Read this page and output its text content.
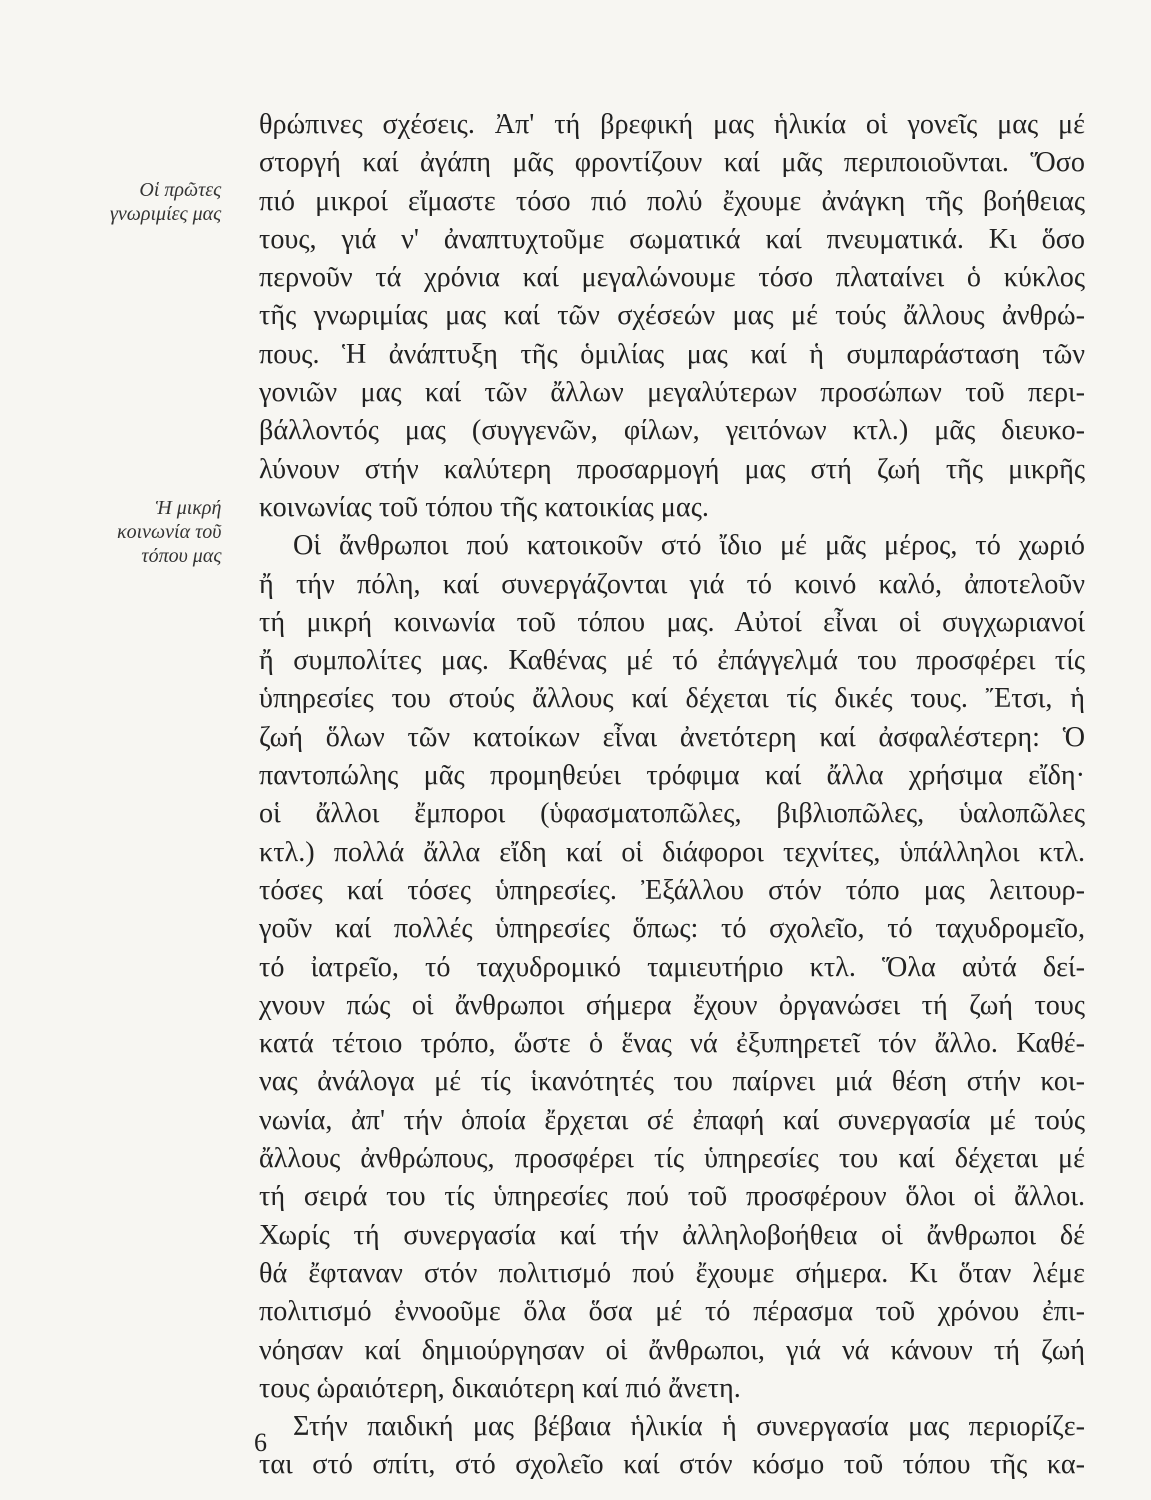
Οἱ πρῶτες
γνωριμίες μας
Ἡ μικρή
κοινωνία τοῦ
τόπου μας
θρώπινες σχέσεις. Ἀπ' τή βρεφική μας ἡλικία οἱ γονεῖς μας μέ
στοργή καί ἀγάπη μᾶς φροντίζουν καί μᾶς περιποιοῦνται. Ὅσο
πιό μικροί εἴμαστε τόσο πιό πολύ ἔχουμε ἀνάγκη τῆς βοήθειας
τους, γιά ν' ἀναπτυχτοῦμε σωματικά καί πνευματικά. Κι ὅσο
περνοῦν τά χρόνια καί μεγαλώνουμε τόσο πλαταίνει ὁ κύκλος
τῆς γνωριμίας μας καί τῶν σχέσεών μας μέ τούς ἄλλους ἀνθρώ-
πους. Ἡ ἀνάπτυξη τῆς ὁμιλίας μας καί ἡ συμπαράσταση τῶν
γονιῶν μας καί τῶν ἄλλων μεγαλύτερων προσώπων τοῦ περι-
βάλλοντός μας (συγγενῶν, φίλων, γειτόνων κτλ.) μᾶς διευκο-
λύνουν στήν καλύτερη προσαρμογή μας στή ζωή τῆς μικρῆς
κοινωνίας τοῦ τόπου τῆς κατοικίας μας.
Οἱ ἄνθρωποι πού κατοικοῦν στό ἴδιο μέ μᾶς μέρος, τό χωριό
ἤ τήν πόλη, καί συνεργάζονται γιά τό κοινό καλό, ἀποτελοῦν
τή μικρή κοινωνία τοῦ τόπου μας. Αὐτοί εἶναι οἱ συγχωριανοί
ἤ συμπολίτες μας. Καθένας μέ τό ἐπάγγελμά του προσφέρει τίς
ὑπηρεσίες του στούς ἄλλους καί δέχεται τίς δικές τους. Ἔτσι, ἡ
ζωή ὅλων τῶν κατοίκων εἶναι ἀνετότερη καί ἀσφαλέστερη: Ὁ
παντοπώλης μᾶς προμηθεύει τρόφιμα καί ἄλλα χρήσιμα εἴδη·
οἱ ἄλλοι ἔμποροι (ὑφασματοπῶλες, βιβλιοπῶλες, ὑαλοπῶλες
κτλ.) πολλά ἄλλα εἴδη καί οἱ διάφοροι τεχνίτες, ὑπάλληλοι κτλ.
τόσες καί τόσες ὑπηρεσίες. Ἐξάλλου στόν τόπο μας λειτουρ-
γοῦν καί πολλές ὑπηρεσίες ὅπως: τό σχολεῖο, τό ταχυδρομεῖο,
τό ἰατρεῖο, τό ταχυδρομικό ταμιευτήριο κτλ. Ὅλα αὐτά δεί-
χνουν πώς οἱ ἄνθρωποι σήμερα ἔχουν ὀργανώσει τή ζωή τους
κατά τέτοιο τρόπο, ὥστε ὁ ἕνας νά ἐξυπηρετεῖ τόν ἄλλο. Καθέ-
νας ἀνάλογα μέ τίς ἱκανότητές του παίρνει μιά θέση στήν κοι-
νωνία, ἀπ' τήν ὁποία ἔρχεται σέ ἐπαφή καί συνεργασία μέ τούς
ἄλλους ἀνθρώπους, προσφέρει τίς ὑπηρεσίες του καί δέχεται μέ
τή σειρά του τίς ὑπηρεσίες πού τοῦ προσφέρουν ὅλοι οἱ ἄλλοι.
Χωρίς τή συνεργασία καί τήν ἀλληλοβοήθεια οἱ ἄνθρωποι δέ
θά ἔφταναν στόν πολιτισμό πού ἔχουμε σήμερα. Κι ὅταν λέμε
πολιτισμό ἐννοοῦμε ὅλα ὅσα μέ τό πέρασμα τοῦ χρόνου ἐπι-
νόησαν καί δημιούργησαν οἱ ἄνθρωποι, γιά νά κάνουν τή ζωή
τους ὡραιότερη, δικαιότερη καί πιό ἄνετη.
Στήν παιδική μας βέβαια ἡλικία ἡ συνεργασία μας περιορίζε-
ται στό σπίτι, στό σχολεῖο καί στόν κόσμο τοῦ τόπου τῆς κα-
6
